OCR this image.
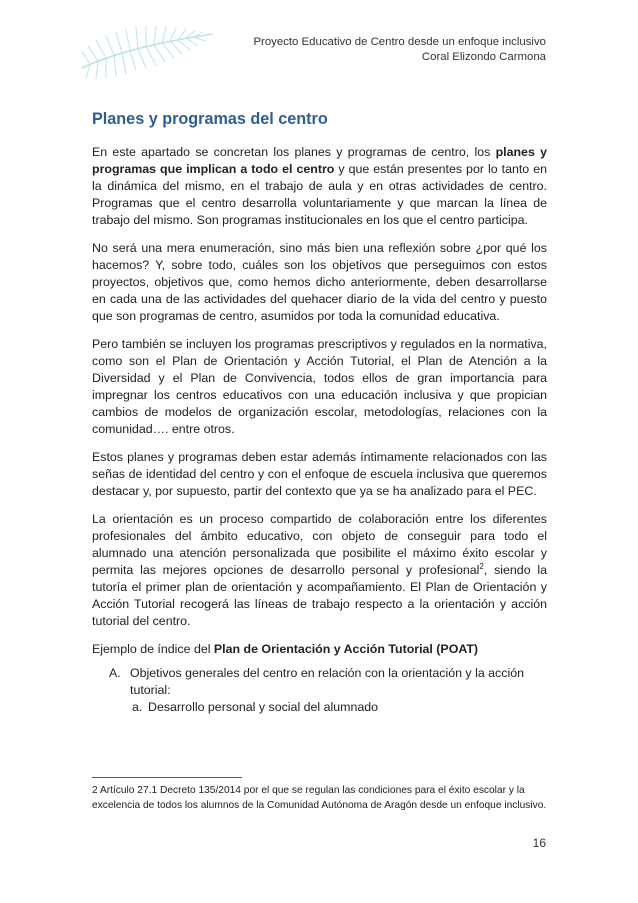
Proyecto Educativo de Centro desde un enfoque inclusivo
Coral Elizondo Carmona
Planes y programas del centro

En este apartado se concretan los planes y programas de centro, los planes y programas que implican a todo el centro y que están presentes por lo tanto en la dinámica del mismo, en el trabajo de aula y en otras actividades de centro. Programas que el centro desarrolla voluntariamente y que marcan la línea de trabajo del mismo. Son programas institucionales en los que el centro participa.

No será una mera enumeración, sino más bien una reflexión sobre ¿por qué los hacemos? Y, sobre todo, cuáles son los objetivos que perseguimos con estos proyectos, objetivos que, como hemos dicho anteriormente, deben desarrollarse en cada una de las actividades del quehacer diario de la vida del centro y puesto que son programas de centro, asumidos por toda la comunidad educativa.

Pero también se incluyen los programas prescriptivos y regulados en la normativa, como son el Plan de Orientación y Acción Tutorial, el Plan de Atención a la Diversidad y el Plan de Convivencia, todos ellos de gran importancia para impregnar los centros educativos con una educación inclusiva y que propician cambios de modelos de organización escolar, metodologías, relaciones con la comunidad…. entre otros.

Estos planes y programas deben estar además íntimamente relacionados con las señas de identidad del centro y con el enfoque de escuela inclusiva que queremos destacar y, por supuesto, partir del contexto que ya se ha analizado para el PEC.

La orientación es un proceso compartido de colaboración entre los diferentes profesionales del ámbito educativo, con objeto de conseguir para todo el alumnado una atención personalizada que posibilite el máximo éxito escolar y permita las mejores opciones de desarrollo personal y profesional$^2$, siendo la tutoría el primer plan de orientación y acompañamiento. El Plan de Orientación y Acción Tutorial recogerá las líneas de trabajo respecto a la orientación y acción tutorial del centro.

Ejemplo de índice del Plan de Orientación y Acción Tutorial (POAT)

A. Objetivos generales del centro en relación con la orientación y la acción tutorial:
a. Desarrollo personal y social del alumnado
2 Artículo 27.1 Decreto 135/2014 por el que se regulan las condiciones para el éxito escolar y la excelencia de todos los alumnos de la Comunidad Autónoma de Aragón desde un enfoque inclusivo.
16
